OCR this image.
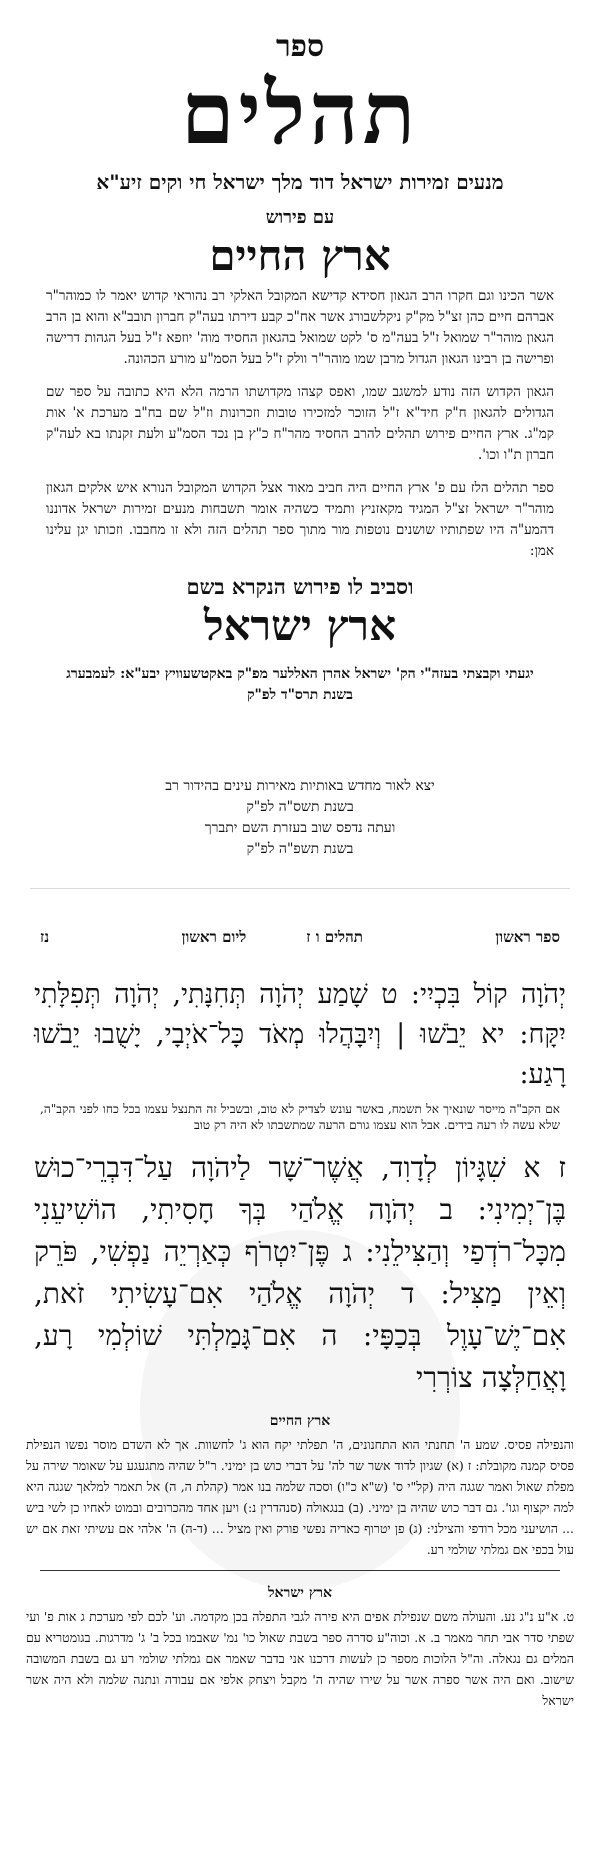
ספר
תהלים
מנעים זמירות ישראל דוד מלך ישראל חי וקים זיע"א
עם פירוש
ארץ החיים
אשר הכינו וגם חקרו הרב הגאון חסידא קדישא המקובל האלקי רב נהוראי קדוש יאמר לו כמוהר"ר אברהם חיים כהן זצ"ל מק"ק ניקלשבורג אשר אח"כ קבע דירתו בעה"ק חברון תובב"א והוא בן הרב הגאון מוהר"ר שמואל ז"ל בעה"מ ס' לקט שמואל בהגאון החסיד מוה' יוזפא ז"ל בעל הגהות דרישה ופרישה בן רבינו הגאון הגדול מרבן שמו מוהר"ר וולק ז"ל בעל הסמ"ע מורע הכהונה.
הגאון הקדוש הזה נודע למשגב שמו, ואפס קצהו מקדושתו הרמה הלא היא כתובה על ספר שם הגדולים להגאון ח"ק חיד"א ז"ל הזוכר למזכירו טובות וזכרונות וז"ל שם בח"ב מערכת א' אות קמ"ג. ארץ החיים פירוש תהלים להרב החסיד מהר"ח כ"ץ בן נכד הסמ"ע ולעת זקנתו בא לעה"ק חברון ת"ו וכו'.
ספר תהלים הלז עם פ' ארץ החיים היה חביב מאוד אצל הקדוש המקובל הנורא איש אלקים הגאון מוהר"ר ישראל זצ"ל המגיד מקאזניץ ותמיד כשהיה אומר תשבחות מנעים זמירות ישראל אדוננו דהמע"ה היו שפתותיו שושנים נוטפות מור מתוך ספר תהלים הזה ולא זו מחבבו. וזכותו יגן עלינו אמן:
וסביב לו פירוש הנקרא בשם
ארץ ישראל
יגעתי וקבצתי בעזה"י הק' ישראל אהרן האללער מפ"ק באקטשעוויץ יבע"א: לעמבערג בשנת תרס"ד לפ"ק
יצא לאור מחדש באותיות מאירות עינים בהידור רב
בשנת תשס"ה לפ"ק
ועתה נדפס שוב בעזרת השם יתברך
בשנת תשפ"ה לפ"ק
ספר ראשון
תהלים ו ז
ליום ראשון
נז
יְהֹוָה קוֹל בִּכְיִי: ט שָׁמַע יְהֹוָה תְּחִנָּתִי, יְהֹוָה תְּפִלָּתִי יִקָּח: יא יֵבֹשׁוּ | וְיִבָּהֲלוּ מְאֹד כָּל־אֹיְבָי, יָשֻׁבוּ יֵבֹשׁוּ רָגַע:
אם הקב"ה מייסר שונאיך אל תשמח, באשר עונש לצדיק לא טוב, ובשביל זה התנצל עצמו בכל כחו לפני הקב"ה, שלא עשה לו רעה בידים. אבל הוא עצמו גורם הרעה שמתשבתו לא היה רק טוב
ז א שִׁגָּיוֹן לְדָוִד, אֲשֶׁר־שָׁר לַיהֹוָה עַל־דִּבְרֵי־כוּשׁ בֶּן־יְמִינִי: ב יְהֹוָה אֱלֹהַי בְּךָ חָסִיתִי, הוֹשִׁיעֵנִי מִכָּל־רֹדְפַי וְהַצִּילֵנִי: ג פֶּן־יִטְרֹף כְּאַרְיֵה נַפְשִׁי, פֹּרֵק וְאֵין מַצִּיל: ד יְהֹוָה אֱלֹהַי אִם־עָשִׂיתִי זֹאת, אִם־יֶשׁ־עָוֶל בְּכַפָּי: ה אִם־גָּמַלְתִּי שׁוֹלְמִי רָע, וָאֲחַלְּצָה צוֹרְרִי
ארץ החיים
והנפילה פסיס. שמע ה' תחנתי הוא התחנונים, ה' תפלתי יקח הוא ג' לחשוות. אך לא השדם מוסר נפשו הנפילת פסיס קמנה מקובלת: ז (א) שגיון לדוד אשר שר לה' על דברי כוש בן ימיני. ר"ל שהיה מתגעגע על שאומר שירה על מפלת שאול ואמר שגגה היה (קל"י ס' (ש"א כ"ו) וסכה שלמה בנו אמר (קהלת ה, ה) אל תאמר למלאך שגגה היא למה יקצוף וגו'. גם דבר כוש שהיה בן ימיני. (ב) בנגאולה (סנהדרין נ:) ויען אחד מהכרובים ובמוט לאחיו כן לשי ביש ... הושיעני מכל רודפי והצילני: (ג) פן יטרוף כאריה נפשי פורק ואין מציל ... (ד-ה) ה' אלהי אם עשיתי זאת אם יש עול בכפי אם גמלתי שולמי רע.
ארץ ישראל
ט. א"ע נ"ג נע. והעולה משם שנפילת אפים היא פירה לגבי התפלה בכן מקדמה. וע' לכם לפי מערכת ג אות פ' ועי שפתי סדר אבי תחר מאמר ב. א. וכוה"ע סדרה ספר בשבת שאול כו' נמ' שאבמו בכל ב' ג' מדרגות. בגומטריא עם המלים גם נגאלה. וה"ל הלוכות מספר כן לעשות דרכנו אני בדבר שאמר אם גמלתי שולמי רע גם בשבת המשובה שישוב. ואם היה אשר ספרה אשר על שירו שהיה ה' מקבל ויצחק אלפי אם עבודה ונתנה שלמה ולא היה אשר ישראל
